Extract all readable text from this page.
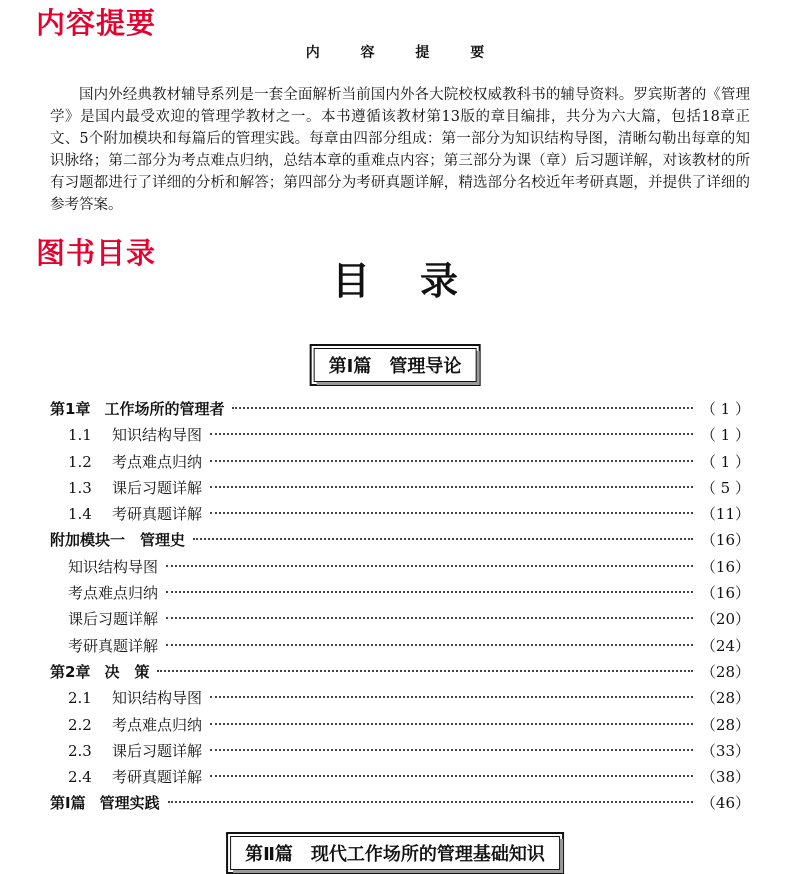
内容提要
内 容 提 要

国内外经典教材辅导系列是一套全面解析当前国内外各大院校权威教科书的辅导资料。罗宾斯著的《管理学》是国内最受欢迎的管理学教材之一。本书遵循该教材第13版的章目编排，共分为六大篇，包括18章正文、5个附加模块和每篇后的管理实践。每章由四部分组成：第一部分为知识结构导图，清晰勾勒出每章的知识脉络；第二部分为考点难点归纳，总结本章的重难点内容；第三部分为课（章）后习题详解，对该教材的所有习题都进行了详细的分析和解答；第四部分为考研真题详解，精选部分名校近年考研真题，并提供了详细的参考答案。

图书目录
目录
第Ⅰ篇　管理导论
第1章 工作场所的管理者	（ 1 ）
1.1	知识结构导图	（ 1 ）
1.2	考点难点归纳	（ 1 ）
1.3	课后习题详解	（ 5 ）
1.4	考研真题详解	（11）
附加模块一　管理史	（16）
知识结构导图	（16）
考点难点归纳	（16）
课后习题详解	（20）
考研真题详解	（24）
第2章 决　策	（28）
2.1	知识结构导图	（28）
2.2	考点难点归纳	（28）
2.3	课后习题详解	（33）
2.4	考研真题详解	（38）
第Ⅰ篇 管理实践	（46）
第Ⅱ篇　现代工作场所的管理基础知识
